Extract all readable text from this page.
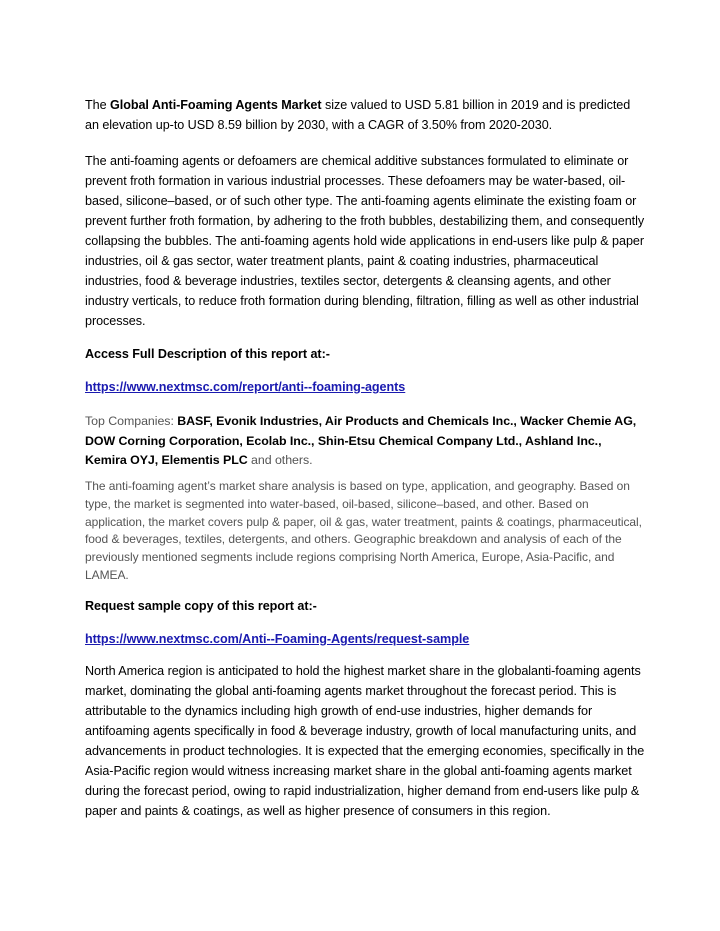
The Global Anti-Foaming Agents Market size valued to USD 5.81 billion in 2019 and is predicted an elevation up-to USD 8.59 billion by 2030, with a CAGR of 3.50% from 2020-2030.

The anti-foaming agents or defoamers are chemical additive substances formulated to eliminate or prevent froth formation in various industrial processes. These defoamers may be water-based, oil-based, silicone–based, or of such other type. The anti-foaming agents eliminate the existing foam or prevent further froth formation, by adhering to the froth bubbles, destabilizing them, and consequently collapsing the bubbles. The anti-foaming agents hold wide applications in end-users like pulp & paper industries, oil & gas sector, water treatment plants, paint & coating industries, pharmaceutical industries, food & beverage industries, textiles sector, detergents & cleansing agents, and other industry verticals, to reduce froth formation during blending, filtration, filling as well as other industrial processes.

Access Full Description of this report at:-

https://www.nextmsc.com/report/anti--foaming-agents

Top Companies: BASF, Evonik Industries, Air Products and Chemicals Inc., Wacker Chemie AG, DOW Corning Corporation, Ecolab Inc., Shin-Etsu Chemical Company Ltd., Ashland Inc., Kemira OYJ, Elementis PLC and others.

The anti-foaming agent’s market share analysis is based on type, application, and geography. Based on type, the market is segmented into water-based, oil-based, silicone–based, and other. Based on application, the market covers pulp & paper, oil & gas, water treatment, paints & coatings, pharmaceutical, food & beverages, textiles, detergents, and others. Geographic breakdown and analysis of each of the previously mentioned segments include regions comprising North America, Europe, Asia-Pacific, and LAMEA.

Request sample copy of this report at:-

https://www.nextmsc.com/Anti--Foaming-Agents/request-sample

North America region is anticipated to hold the highest market share in the globalanti-foaming agents market, dominating the global anti-foaming agents market throughout the forecast period. This is attributable to the dynamics including high growth of end-use industries, higher demands for antifoaming agents specifically in food & beverage industry, growth of local manufacturing units, and advancements in product technologies. It is expected that the emerging economies, specifically in the Asia-Pacific region would witness increasing market share in the global anti-foaming agents market during the forecast period, owing to rapid industrialization, higher demand from end-users like pulp & paper and paints & coatings, as well as higher presence of consumers in this region.
